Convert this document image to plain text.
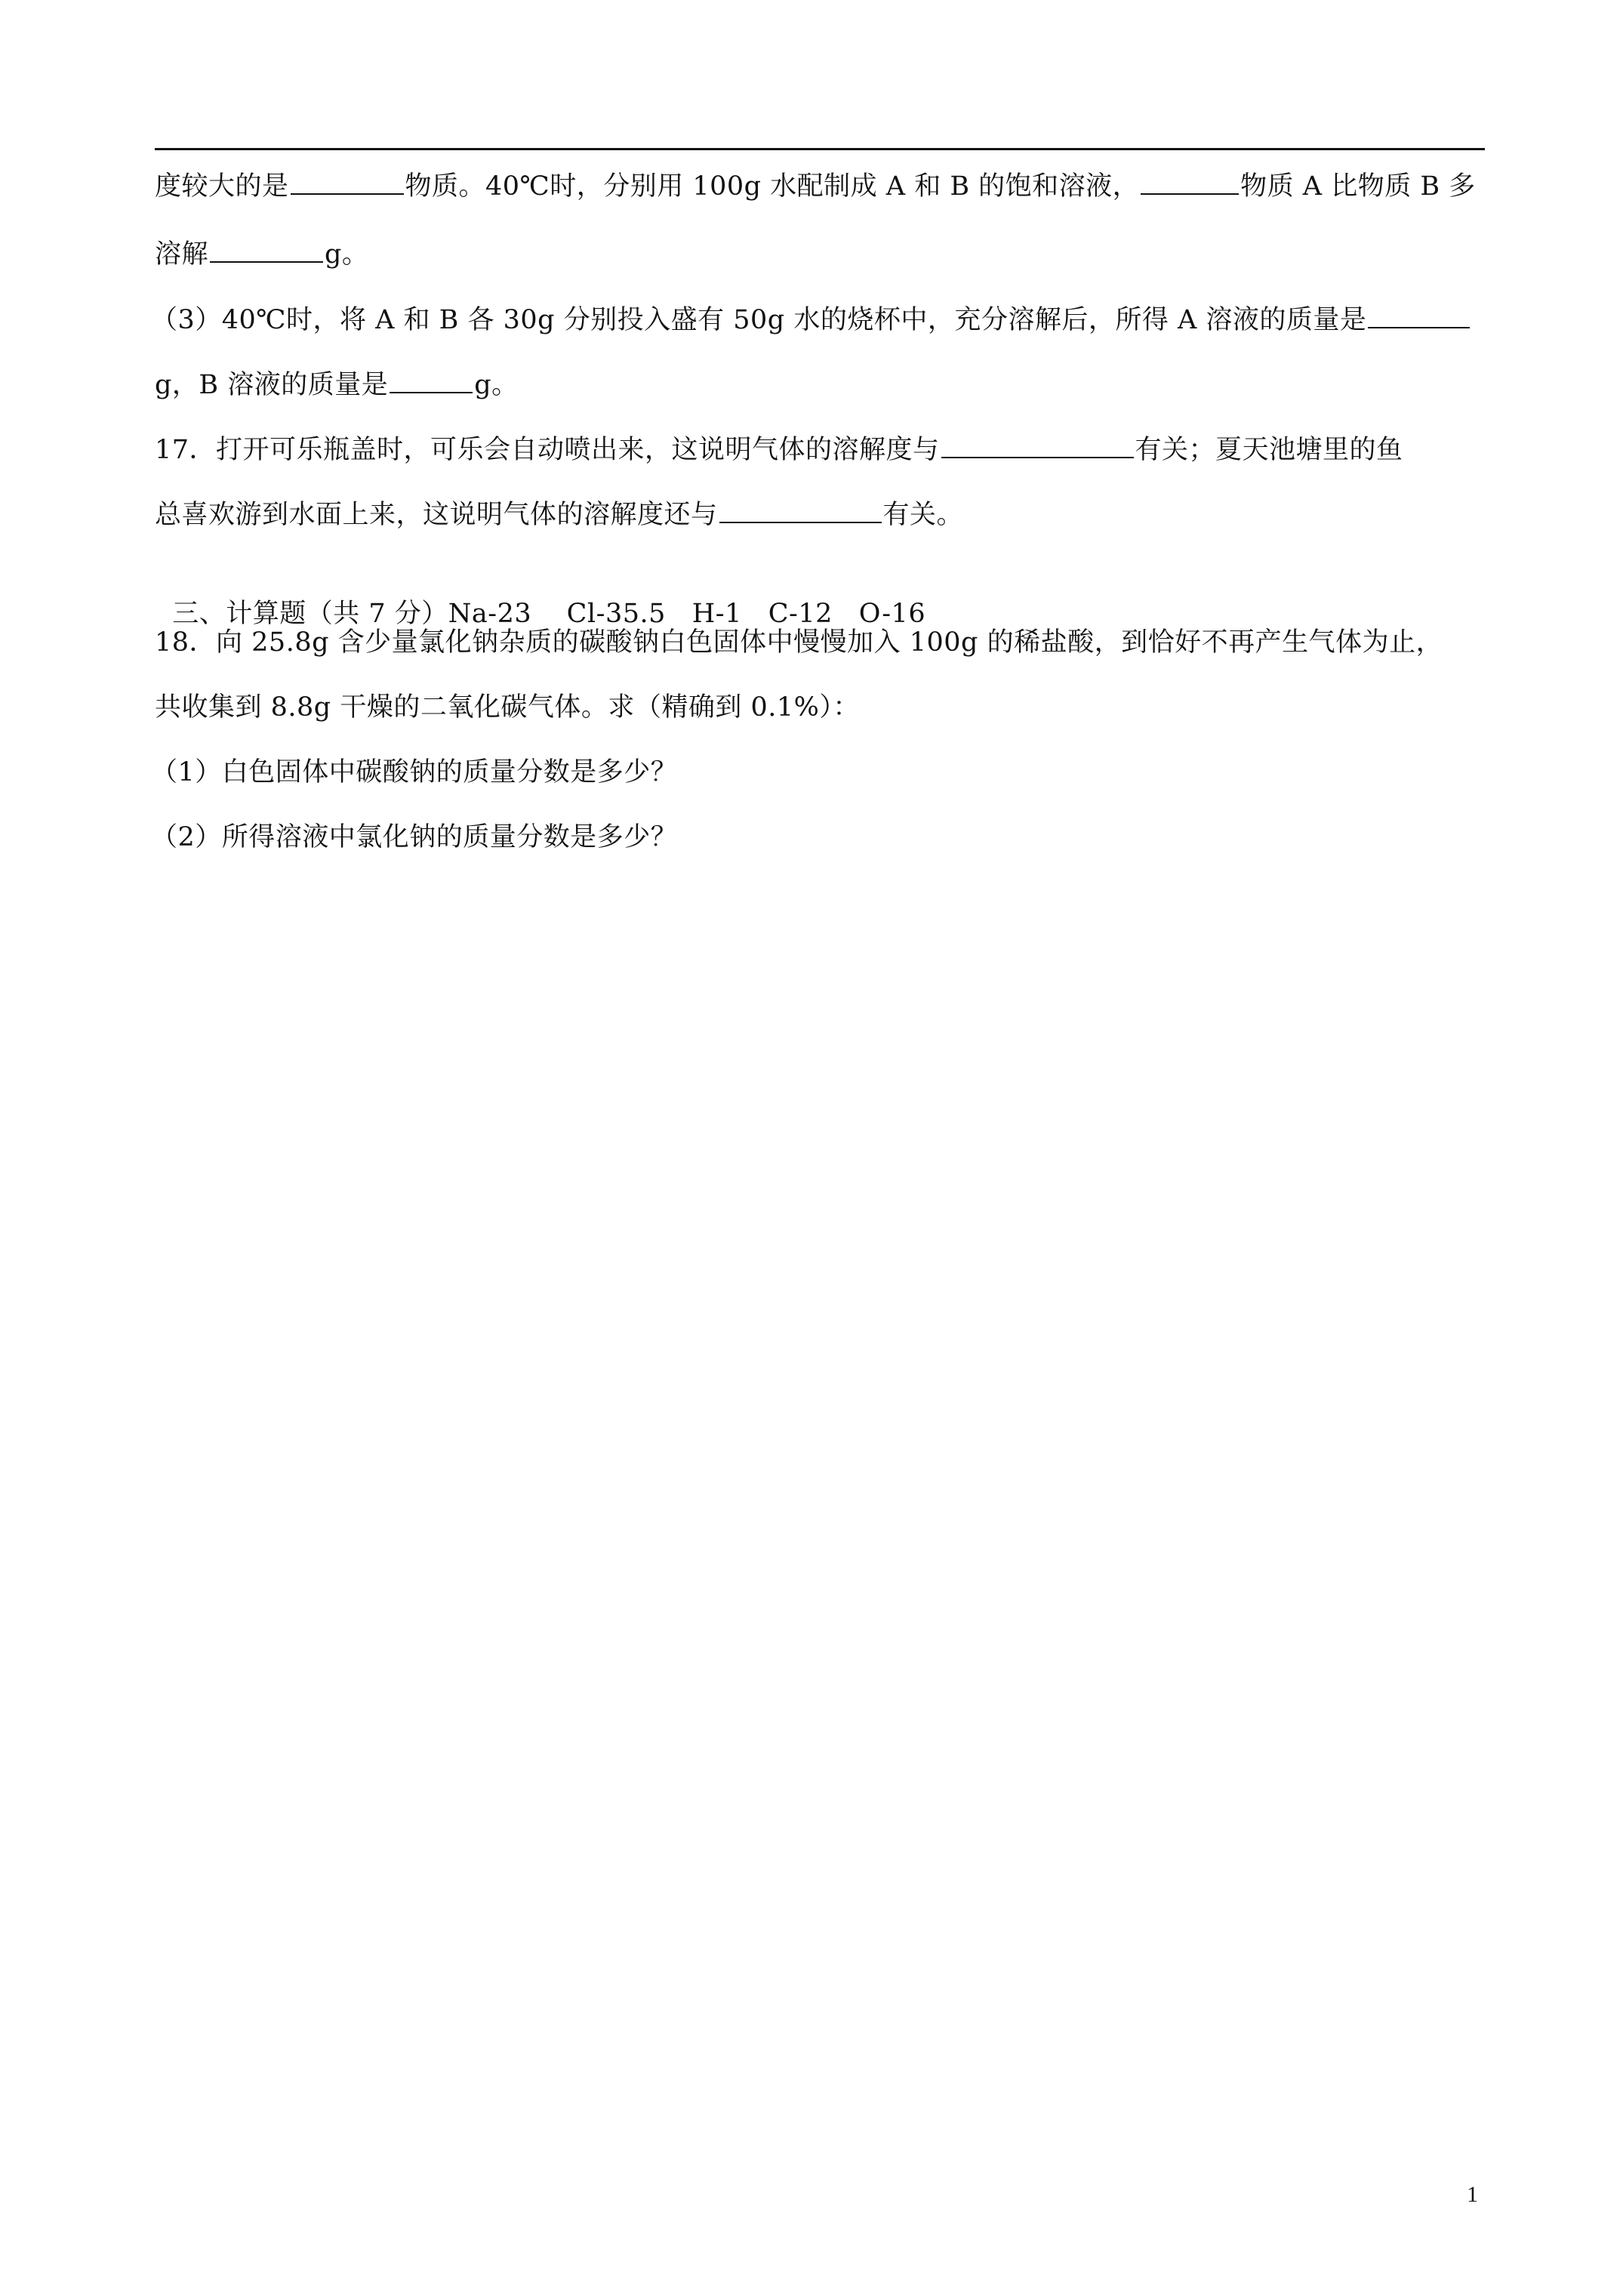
度较大的是	物质。40℃时，分别用 100g 水配制成 A 和 B 的饱和溶液，	物质 A 比物质 B 多
溶解	g。
（3）40℃时，将 A 和 B 各 30g 分别投入盛有 50g 水的烧杯中，充分溶解后，所得 A 溶液的质量是
g，B 溶液的质量是	g。
17．打开可乐瓶盖时，可乐会自动喷出来，这说明气体的溶解度与	有关；夏天池塘里的鱼
总喜欢游到水面上来，这说明气体的溶解度还与	有关。

三、计算题（共 7 分）Na-23    Cl-35.5   H-1   C-12   O-16

18．向 25.8g 含少量氯化钠杂质的碳酸钠白色固体中慢慢加入 100g 的稀盐酸，到恰好不再产生气体为止，
共收集到 8.8g 干燥的二氧化碳气体。求（精确到 0.1%）：
（1）白色固体中碳酸钠的质量分数是多少？
（2）所得溶液中氯化钠的质量分数是多少？
1
